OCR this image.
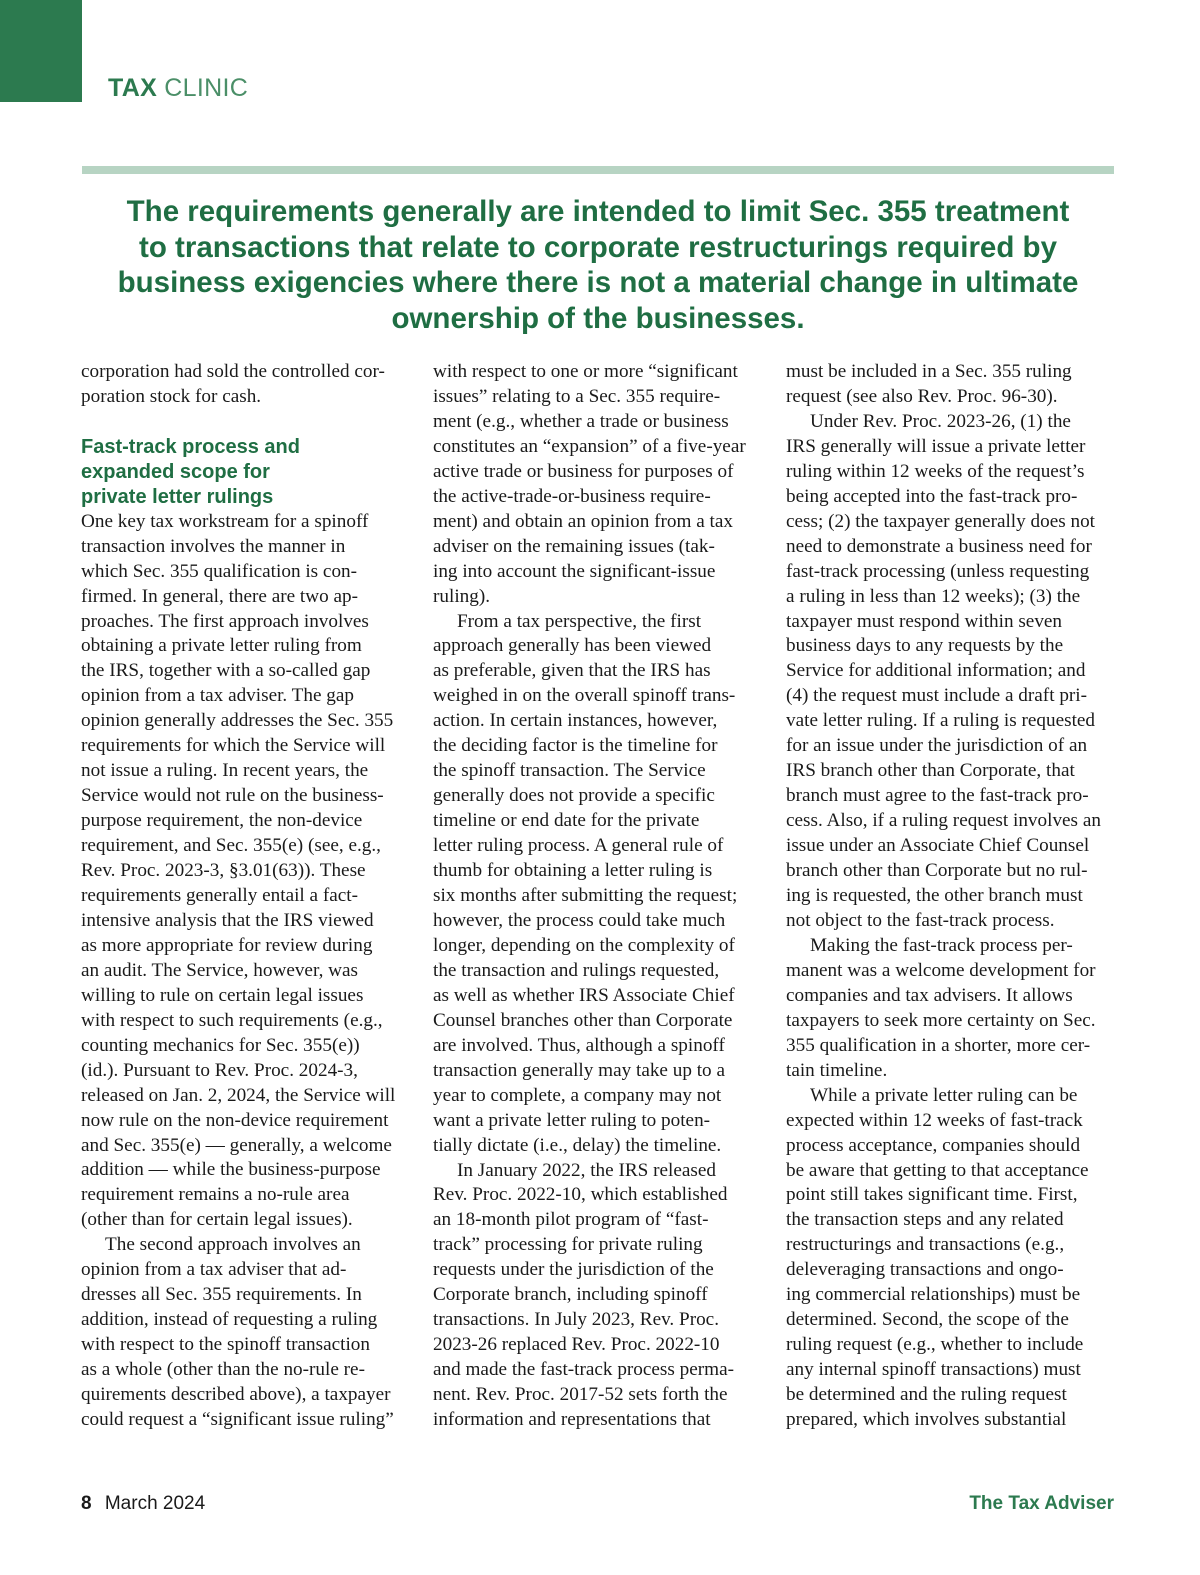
TAX CLINIC
The requirements generally are intended to limit Sec. 355 treatment
to transactions that relate to corporate restructurings required by
business exigencies where there is not a material change in ultimate
ownership of the businesses.
corporation had sold the controlled cor-
poration stock for cash.
Fast-track process and
expanded scope for
private letter rulings
One key tax workstream for a spinoff
transaction involves the manner in
which Sec. 355 qualification is con-
firmed. In general, there are two ap-
proaches. The first approach involves
obtaining a private letter ruling from
the IRS, together with a so-called gap
opinion from a tax adviser. The gap
opinion generally addresses the Sec. 355
requirements for which the Service will
not issue a ruling. In recent years, the
Service would not rule on the business-
purpose requirement, the non-device
requirement, and Sec. 355(e) (see, e.g.,
Rev. Proc. 2023-3, §3.01(63)). These
requirements generally entail a fact-
intensive analysis that the IRS viewed
as more appropriate for review during
an audit. The Service, however, was
willing to rule on certain legal issues
with respect to such requirements (e.g.,
counting mechanics for Sec. 355(e))
(id.). Pursuant to Rev. Proc. 2024-3,
released on Jan. 2, 2024, the Service will
now rule on the non-device requirement
and Sec. 355(e) — generally, a welcome
addition — while the business-purpose
requirement remains a no-rule area
(other than for certain legal issues).
The second approach involves an
opinion from a tax adviser that ad-
dresses all Sec. 355 requirements. In
addition, instead of requesting a ruling
with respect to the spinoff transaction
as a whole (other than the no-rule re-
quirements described above), a taxpayer
could request a “significant issue ruling”
with respect to one or more “significant
issues” relating to a Sec. 355 require-
ment (e.g., whether a trade or business
constitutes an “expansion” of a five-year
active trade or business for purposes of
the active-trade-or-business require-
ment) and obtain an opinion from a tax
adviser on the remaining issues (tak-
ing into account the significant-issue
ruling).
From a tax perspective, the first
approach generally has been viewed
as preferable, given that the IRS has
weighed in on the overall spinoff trans-
action. In certain instances, however,
the deciding factor is the timeline for
the spinoff transaction. The Service
generally does not provide a specific
timeline or end date for the private
letter ruling process. A general rule of
thumb for obtaining a letter ruling is
six months after submitting the request;
however, the process could take much
longer, depending on the complexity of
the transaction and rulings requested,
as well as whether IRS Associate Chief
Counsel branches other than Corporate
are involved. Thus, although a spinoff
transaction generally may take up to a
year to complete, a company may not
want a private letter ruling to poten-
tially dictate (i.e., delay) the timeline.
In January 2022, the IRS released
Rev. Proc. 2022-10, which established
an 18-month pilot program of “fast-
track” processing for private ruling
requests under the jurisdiction of the
Corporate branch, including spinoff
transactions. In July 2023, Rev. Proc.
2023-26 replaced Rev. Proc. 2022-10
and made the fast-track process perma-
nent. Rev. Proc. 2017-52 sets forth the
information and representations that
must be included in a Sec. 355 ruling
request (see also Rev. Proc. 96-30).
Under Rev. Proc. 2023-26, (1) the
IRS generally will issue a private letter
ruling within 12 weeks of the request’s
being accepted into the fast-track pro-
cess; (2) the taxpayer generally does not
need to demonstrate a business need for
fast-track processing (unless requesting
a ruling in less than 12 weeks); (3) the
taxpayer must respond within seven
business days to any requests by the
Service for additional information; and
(4) the request must include a draft pri-
vate letter ruling. If a ruling is requested
for an issue under the jurisdiction of an
IRS branch other than Corporate, that
branch must agree to the fast-track pro-
cess. Also, if a ruling request involves an
issue under an Associate Chief Counsel
branch other than Corporate but no rul-
ing is requested, the other branch must
not object to the fast-track process.
Making the fast-track process per-
manent was a welcome development for
companies and tax advisers. It allows
taxpayers to seek more certainty on Sec.
355 qualification in a shorter, more cer-
tain timeline.
While a private letter ruling can be
expected within 12 weeks of fast-track
process acceptance, companies should
be aware that getting to that acceptance
point still takes significant time. First,
the transaction steps and any related
restructurings and transactions (e.g.,
deleveraging transactions and ongo-
ing commercial relationships) must be
determined. Second, the scope of the
ruling request (e.g., whether to include
any internal spinoff transactions) must
be determined and the ruling request
prepared, which involves substantial
8 March 2024	The Tax Adviser
